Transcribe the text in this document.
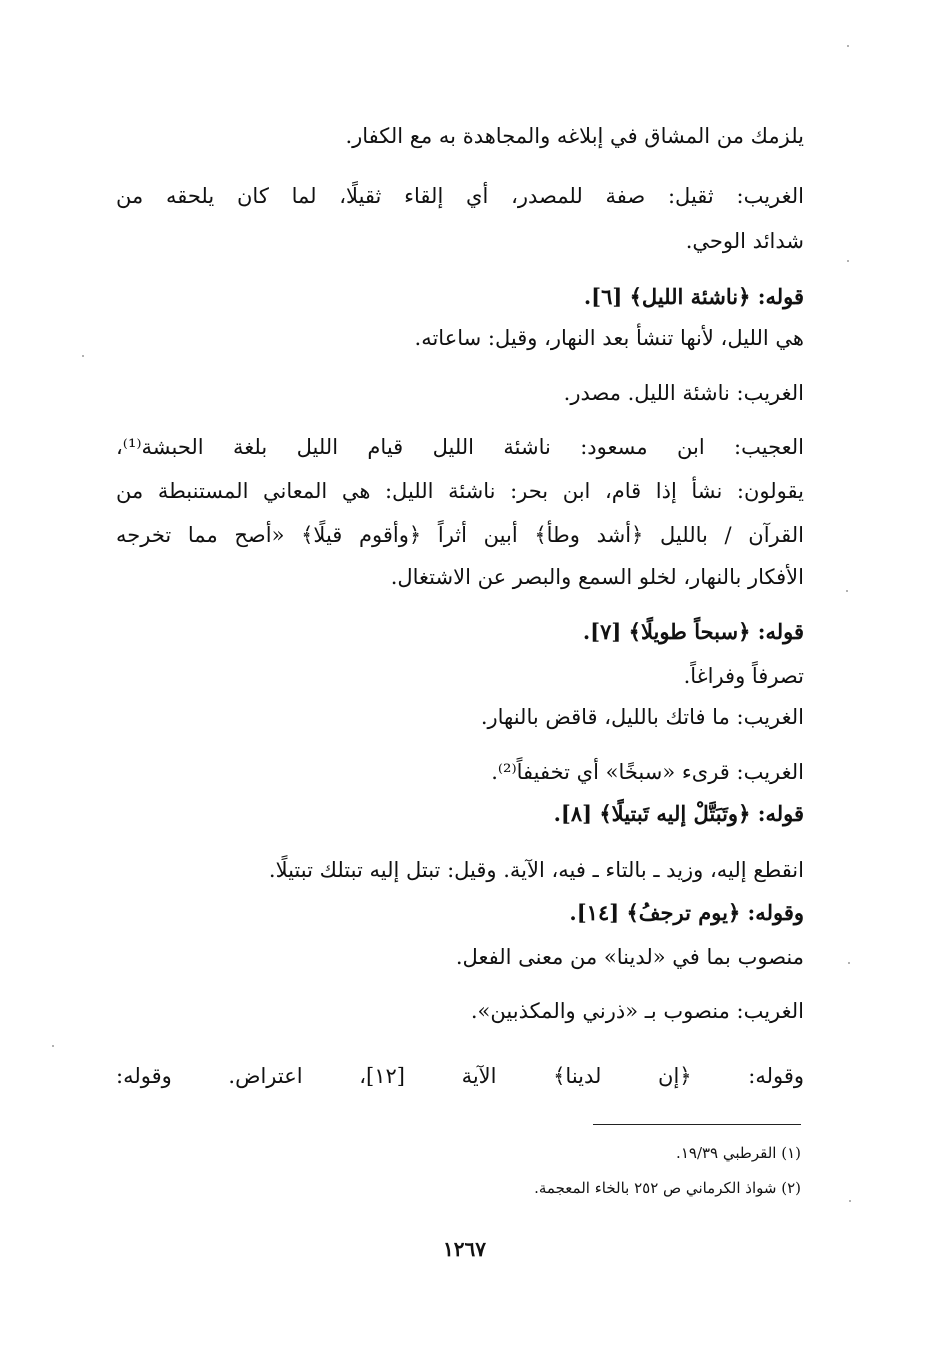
يلزمك من المشاق في إبلاغه والمجاهدة به مع الكفار.
الغريب: ثقيل: صفة للمصدر، أي إلقاء ثقيلًا، لما كان يلحقه من
شدائد الوحي.
قوله: ﴿ناشئة الليل﴾ [٦].
هي الليل، لأنها تنشأ بعد النهار، وقيل: ساعاته.
الغريب: ناشئة الليل. مصدر.
العجيب: ابن مسعود: ناشئة الليل قيام الليل بلغة الحبشة⁽¹⁾،
يقولون: نشأ إذا قام، ابن بحر: ناشئة الليل: هي المعاني المستنبطة من
القرآن / بالليل ﴿أشد وطأ﴾ أبين أثراً ﴿وأقوم قيلًا﴾ «أصح مما تخرجه
الأفكار بالنهار، لخلو السمع والبصر عن الاشتغال.
قوله: ﴿سبحاً طويلًا﴾ [٧].
تصرفاً وفراغاً.
الغريب: ما فاتك بالليل، قاقض بالنهار.
الغريب: قرىء «سبخًا» أي تخفيفاً⁽²⁾.
قوله: ﴿وتَبَتَّلْ إليه تَبتيلًا﴾ [٨].
انقطع إليه، وزيد ـ بالتاء ـ فيه، الآية. وقيل: تبتل إليه تبتلك تبتيلًا.
وقوله: ﴿يوم ترجفُ﴾ [١٤].
منصوب بما في «لدينا» من معنى الفعل.
الغريب: منصوب بـ «ذرني والمكذبين».
وقوله: ﴿إن لدينا﴾ الآية [١٢]، اعتراض. وقوله:
(١) القرطبي ١٩/٣٩.
(٢) شواذ الكرماني ص ٢٥٢ بالخاء المعجمة.
١٢٦٧
